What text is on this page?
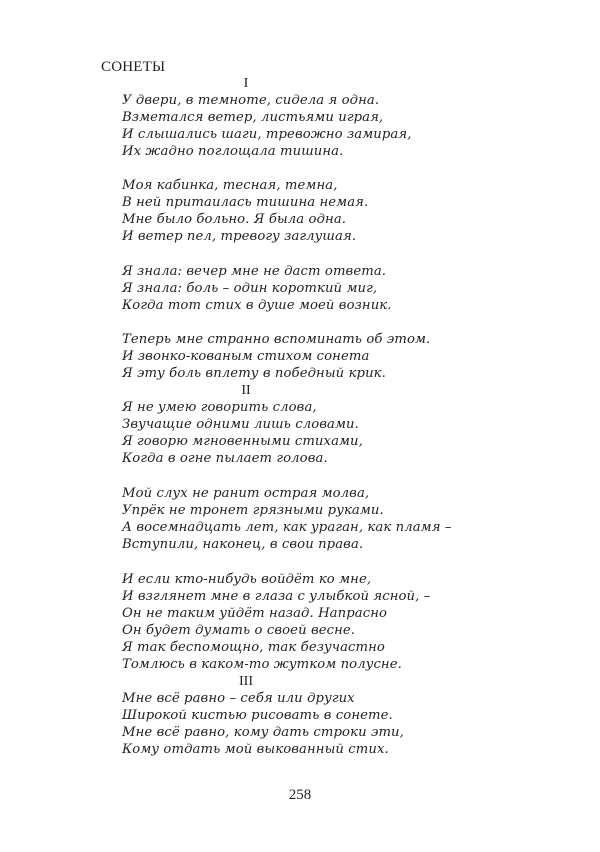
СОНЕТЫ
I
У двери, в темноте, сидела я одна.
Взметался ветер, листьями играя,
И слышались шаги, тревожно замирая,
Их жадно поглощала тишина.
Моя кабинка, тесная, темна,
В ней притаилась тишина немая.
Мне было больно. Я была одна.
И ветер пел, тревогу заглушая.
Я знала: вечер мне не даст ответа.
Я знала: боль – один короткий миг,
Когда тот стих в душе моей возник.
Теперь мне странно вспоминать об этом.
И звонко-кованым стихом сонета
Я эту боль вплету в победный крик.
II
Я не умею говорить слова,
Звучащие одними лишь словами.
Я говорю мгновенными стихами,
Когда в огне пылает голова.
Мой слух не ранит острая молва,
Упрёк не тронет грязными руками.
А восемнадцать лет, как ураган, как пламя –
Вступили, наконец, в свои права.
И если кто-нибудь войдёт ко мне,
И взглянет мне в глаза с улыбкой ясной, –
Он не таким уйдёт назад. Напрасно
Он будет думать о своей весне.
Я так беспомощно, так безучастно
Томлюсь в каком-то жутком полусне.
III
Мне всё равно – себя или других
Широкой кистью рисовать в сонете.
Мне всё равно, кому дать строки эти,
Кому отдать мой выкованный стих.
258
